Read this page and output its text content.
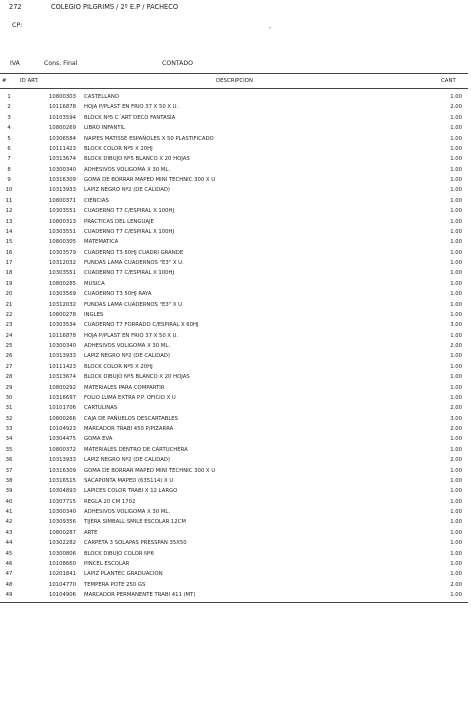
272	COLEGIO PILGRIMS / 2º E.P / PACHECO
CP:	,
IVA	Cons. Final	CONTADO
# ID ART.	DESCRIPCION	CANT
1	10800303 CASTELLANO	1.00
2	10116878 HOJA P/PLAST EN FRIO 37 X 50 X U.	2.00
3	10103594 BLOCK Nº5 C´ART DECO FANTASÍA	1.00
4	10800269 LIBRO INFANTIL	1.00
5	10306584 NAIPES MATISSE ESPAÑOLES X 50 PLASTIFICADO	1.00
6	10111423 BLOCK COLOR Nº5 X 20HJ	1.00
7	10313674 BLOCK DIBUJO Nº5 BLANCO X 20 HOJAS	1.00
8	10300340 ADHESIVOS VOLIGOMA X 30 ML.	1.00
9	10316309 GOMA DE BORRAR MAPED MINI TECHNIC 300 X U	1.00
10	10313933 LAPIZ NEGRO Nº2 (DE CALIDAD)	1.00
11	10800371 CIENCIAS	1.00
12	10303551 CUADERNO T7 C/ESPIRAL X 100HJ	1.00
13	10800313 PRACTICAS DEL LENGUAJE	1.00
14	10303551 CUADERNO T7 C/ESPIRAL X 100HJ	1.00
15	10800305 MATEMATICA	1.00
16	10303579 CUADERNO T3 50HJ CUADRI GRANDE	1.00
17	10312032 FUNDAS LAMA CUADERNOS "E3" X U.	1.00
18	10303551 CUADERNO T7 C/ESPIRAL X 100HJ	1.00
19	10800285 MUSICA	1.00
20	10303569 CUADERNO T3 50HJ RAYA	1.00
21	10312032 FUNDAS LAMA CUADERNOS "E3" X U.	1.00
22	10800278 INGLES	1.00
23	10303534 CUADERNO T7 FORRADO C/ESPIRAL X 60HJ	3.00
24	10116878 HOJA P/PLAST EN FRIO 37 X 50 X U.	1.00
25	10300340 ADHESIVOS VOLIGOMA X 30 ML.	2.00
26	10313933 LAPIZ NEGRO Nº2 (DE CALIDAD)	1.00
27	10111423 BLOCK COLOR Nº5 X 20HJ	1.00
28	10313674 BLOCK DIBUJO Nº5 BLANCO X 20 HOJAS	1.00
29	10800292 MATERIALES PARA COMPARTIR	1.00
30	10316697 FOLIO LUMA EXTRA P.P. OFICIO X U	1.00
31	10101706 CARTULINAS	2.00
32	10800266 CAJA DE PAÑUELOS DESCARTABLES	3.00
33	10104923 MARCADOR TRABI 450 P/PIZARRA	2.00
34	10304475 GOMA EVA	1.00
35	10800372 MATERIALES DENTRO DE CARTUCHERA	1.00
36	10313933 LAPIZ NEGRO Nº2 (DE CALIDAD)	2.00
37	10316309 GOMA DE BORRAR MAPED MINI TECHNIC 300 X U	1.00
38	10316515 SACAPUNTA MAPED (635114) X U	1.00
39	10304893 LAPICES COLOR TRABI X 12 LARGO	1.00
40	10307715 REGLA 20 CM 1702	1.00
41	10300340 ADHESIVOS VOLIGOMA X 30 ML.	1.00
42	10309356 TIJERA SIMBALL SMILE ESCOLAR 12CM	1.00
43	10800287 ARTE	1.00
44	10302282 CARPETA 3 SOLAPAS PRESSPAN 35X50	1.00
45	10300806 BLOCK DIBUJO COLOR Nº6	1.00
46	10108660 PINCEL ESCOLAR	1.00
47	10201841 LAPIZ PLANTEC GRADUACION	1.00
48	10104770 TEMPERA POTE 250 GS	2.00
49	10104906 MARCADOR PERMANENTE TRABI 411 (MT)	1.00
